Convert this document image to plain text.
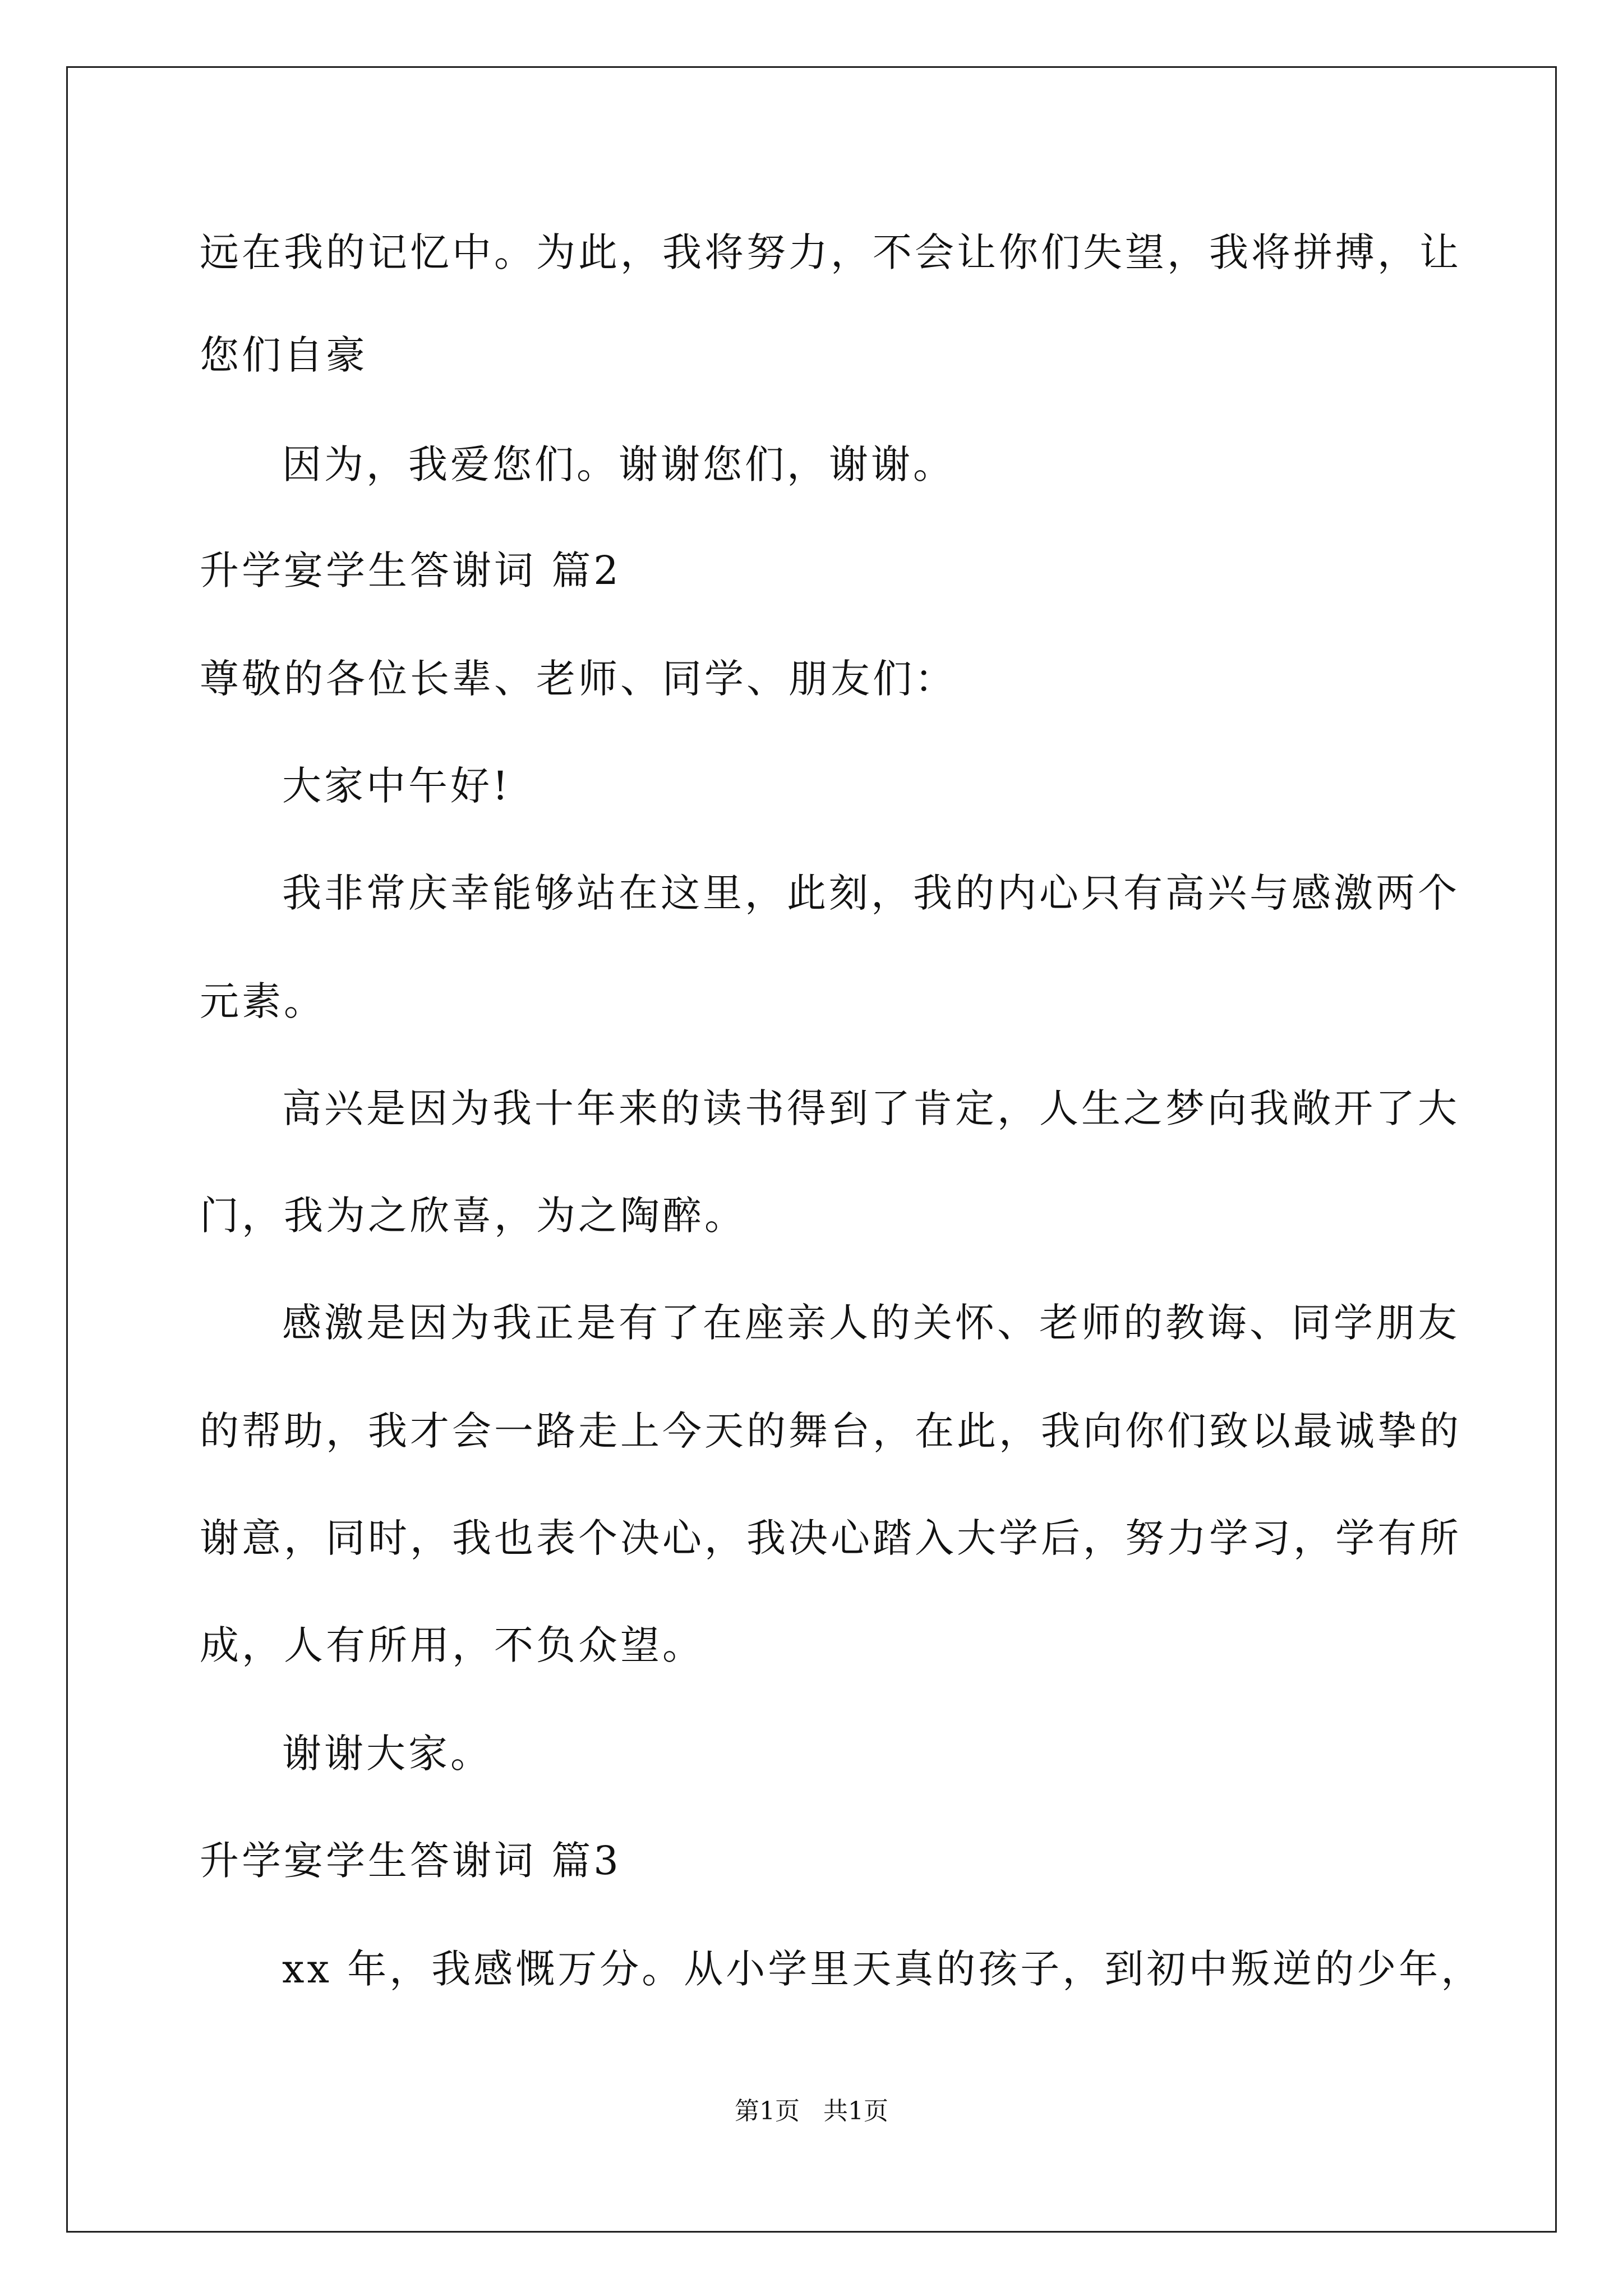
远在我的记忆中。为此，我将努力，不会让你们失望，我将拼搏，让
您们自豪
因为，我爱您们。谢谢您们，谢谢。
升学宴学生答谢词 篇2
尊敬的各位长辈、老师、同学、朋友们：
大家中午好!
我非常庆幸能够站在这里，此刻，我的内心只有高兴与感激两个
元素。
高兴是因为我十年来的读书得到了肯定，人生之梦向我敞开了大
门，我为之欣喜，为之陶醉。
感激是因为我正是有了在座亲人的关怀、老师的教诲、同学朋友
的帮助，我才会一路走上今天的舞台，在此，我向你们致以最诚挚的
谢意，同时，我也表个决心，我决心踏入大学后，努力学习，学有所
成，人有所用，不负众望。
谢谢大家。
升学宴学生答谢词 篇3
xx 年，我感慨万分。从小学里天真的孩子，到初中叛逆的少年，
第1页   共1页
